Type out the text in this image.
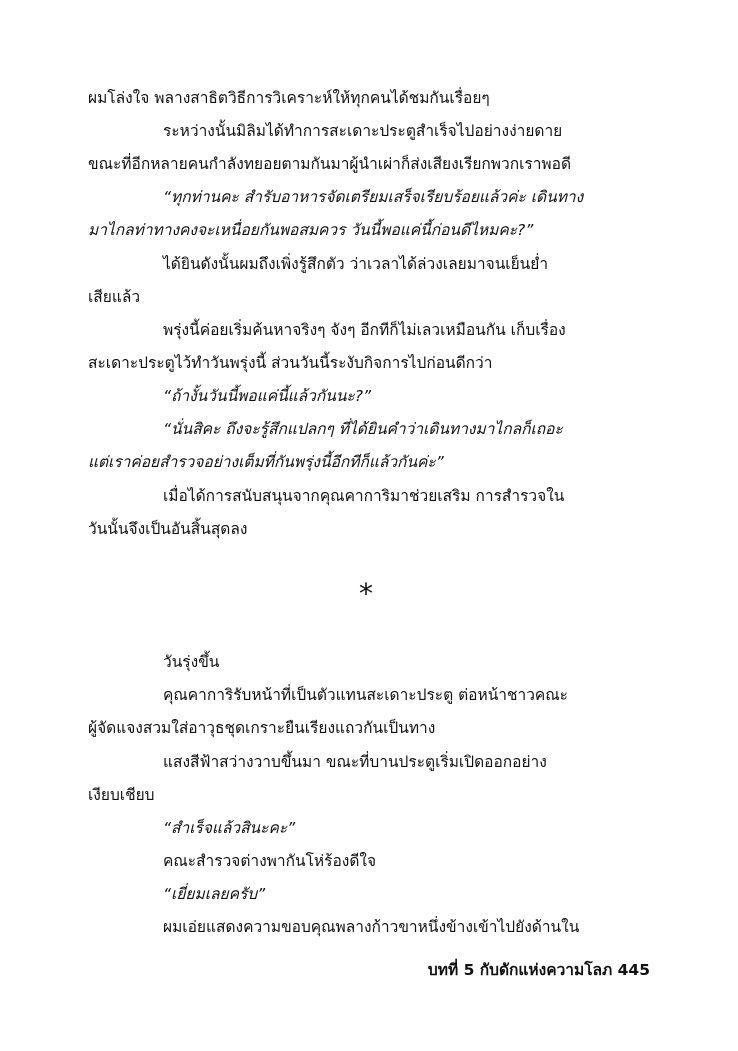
ผมโล่งใจ พลางสาธิตวิธีการวิเคราะห์ให้ทุกคนได้ชมกันเรื่อยๆ
ระหว่างนั้นมิลิมได้ทำการสะเดาะประตูสำเร็จไปอย่างง่ายดาย
ขณะที่อีกหลายคนกำลังทยอยตามกันมาผู้นำเผ่าก็ส่งเสียงเรียกพวกเราพอดี
“ทุกท่านคะ สำรับอาหารจัดเตรียมเสร็จเรียบร้อยแล้วค่ะ เดินทาง
มาไกลท่าทางคงจะเหนื่อยกันพอสมควร วันนี้พอแค่นี้ก่อนดีไหมคะ?”
ได้ยินดังนั้นผมถึงเพิ่งรู้สึกตัว ว่าเวลาได้ล่วงเลยมาจนเย็นย่ำ
เสียแล้ว
พรุ่งนี้ค่อยเริ่มค้นหาจริงๆ จังๆ อีกทีก็ไม่เลวเหมือนกัน เก็บเรื่อง
สะเดาะประตูไว้ทำวันพรุ่งนี้ ส่วนวันนี้ระงับกิจการไปก่อนดีกว่า
“ถ้างั้นวันนี้พอแค่นี้แล้วกันนะ?”
“นั่นสิคะ ถึงจะรู้สึกแปลกๆ ที่ได้ยินคำว่าเดินทางมาไกลก็เถอะ
แต่เราค่อยสำรวจอย่างเต็มที่กันพรุ่งนี้อีกทีก็แล้วกันค่ะ”
เมื่อได้การสนับสนุนจากคุณคาการิมาช่วยเสริม การสำรวจใน
วันนั้นจึงเป็นอันสิ้นสุดลง
*
วันรุ่งขึ้น
คุณคาการิรับหน้าที่เป็นตัวแทนสะเดาะประตู ต่อหน้าชาวคณะ
ผู้จัดแจงสวมใส่อาวุธชุดเกราะยืนเรียงแถวกันเป็นทาง
แสงสีฟ้าสว่างวาบขึ้นมา ขณะที่บานประตูเริ่มเปิดออกอย่าง
เงียบเชียบ
“สำเร็จแล้วสินะคะ”
คณะสำรวจต่างพากันโห่ร้องดีใจ
“เยี่ยมเลยครับ”
ผมเอ่ยแสดงความขอบคุณพลางก้าวขาหนึ่งข้างเข้าไปยังด้านใน
บทที่ 5 กับดักแห่งความโลภ 445
